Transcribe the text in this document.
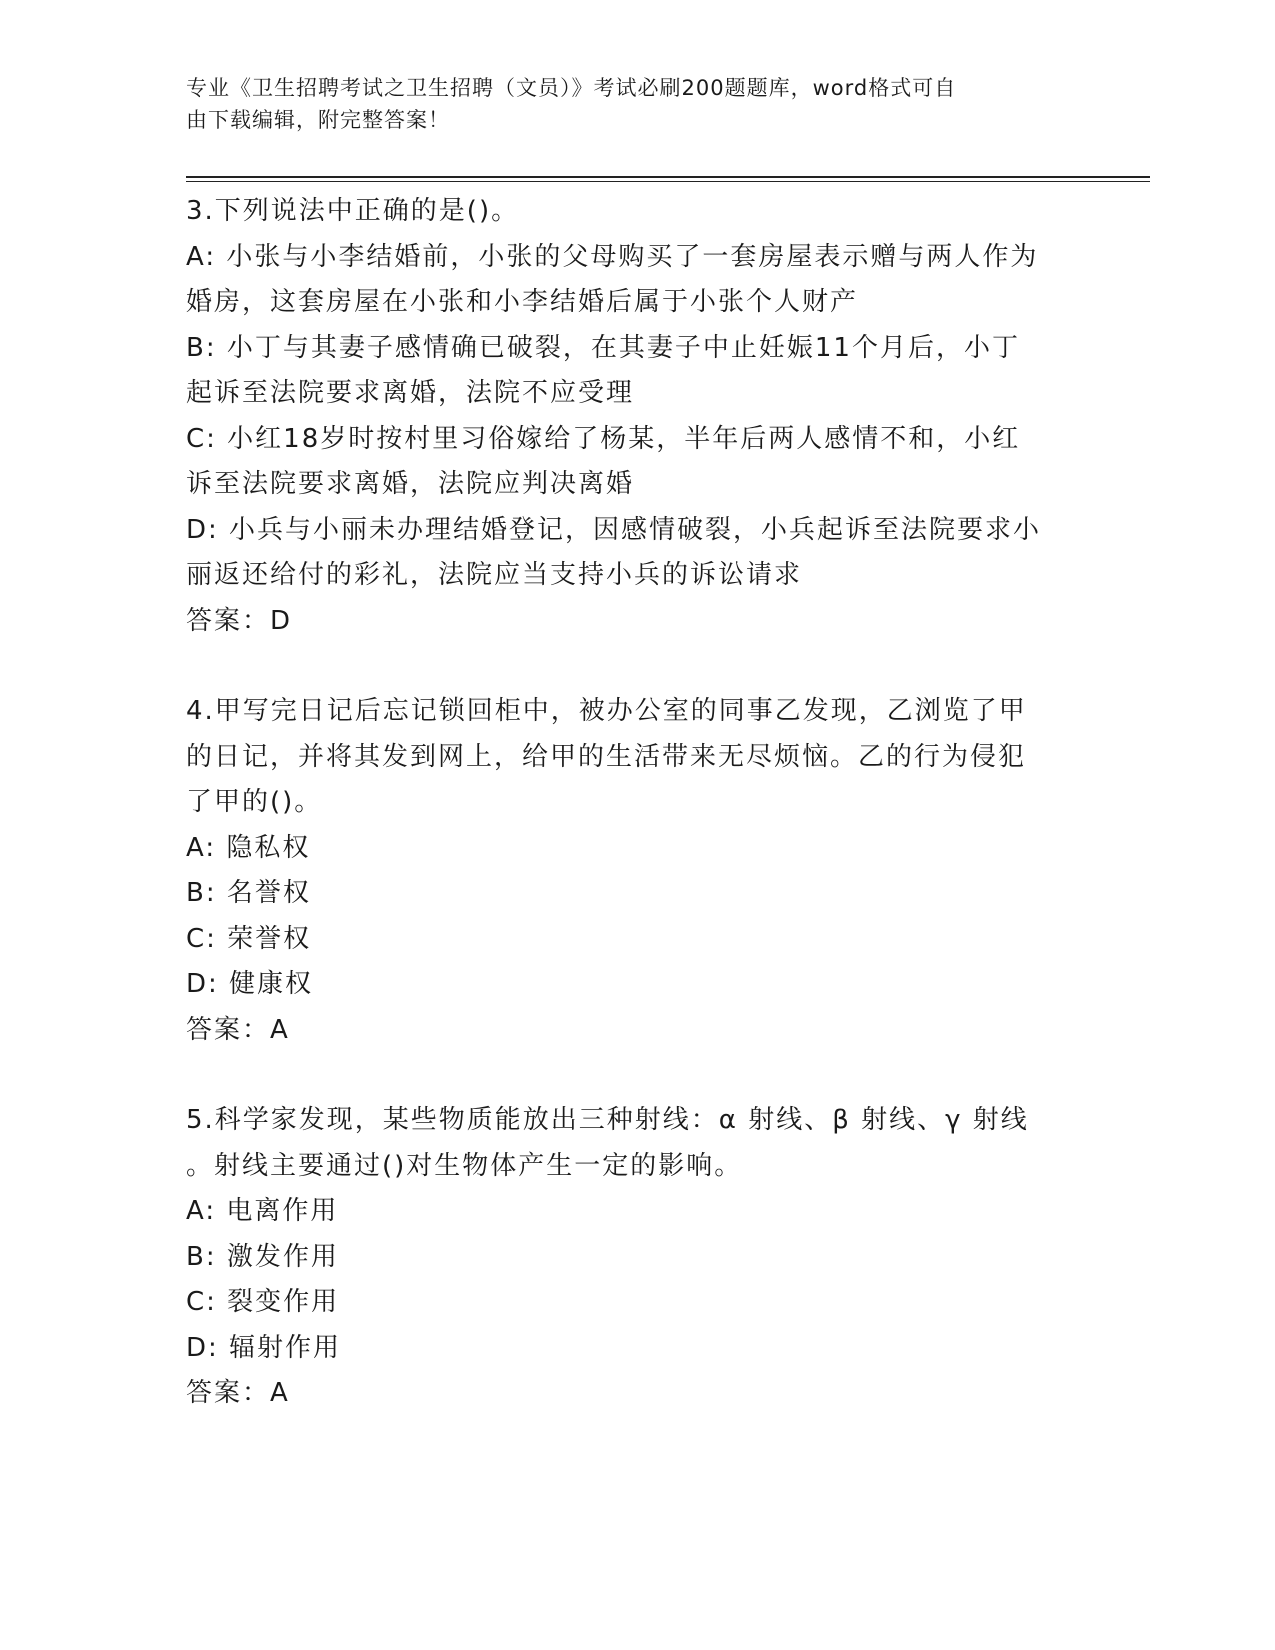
专业《卫生招聘考试之卫生招聘（文员）》考试必刷200题题库，word格式可自
由下载编辑，附完整答案！
3.下列说法中正确的是()。
A: 小张与小李结婚前，小张的父母购买了一套房屋表示赠与两人作为
婚房，这套房屋在小张和小李结婚后属于小张个人财产
B: 小丁与其妻子感情确已破裂，在其妻子中止妊娠11个月后，小丁
起诉至法院要求离婚，法院不应受理
C: 小红18岁时按村里习俗嫁给了杨某，半年后两人感情不和，小红
诉至法院要求离婚，法院应判决离婚
D: 小兵与小丽未办理结婚登记，因感情破裂，小兵起诉至法院要求小
丽返还给付的彩礼，法院应当支持小兵的诉讼请求
答案：D
4.甲写完日记后忘记锁回柜中，被办公室的同事乙发现，乙浏览了甲
的日记，并将其发到网上，给甲的生活带来无尽烦恼。乙的行为侵犯
了甲的()。
A: 隐私权
B: 名誉权
C: 荣誉权
D: 健康权
答案：A
5.科学家发现，某些物质能放出三种射线：α 射线、β 射线、γ 射线
。射线主要通过()对生物体产生一定的影响。
A: 电离作用
B: 激发作用
C: 裂变作用
D: 辐射作用
答案：A
